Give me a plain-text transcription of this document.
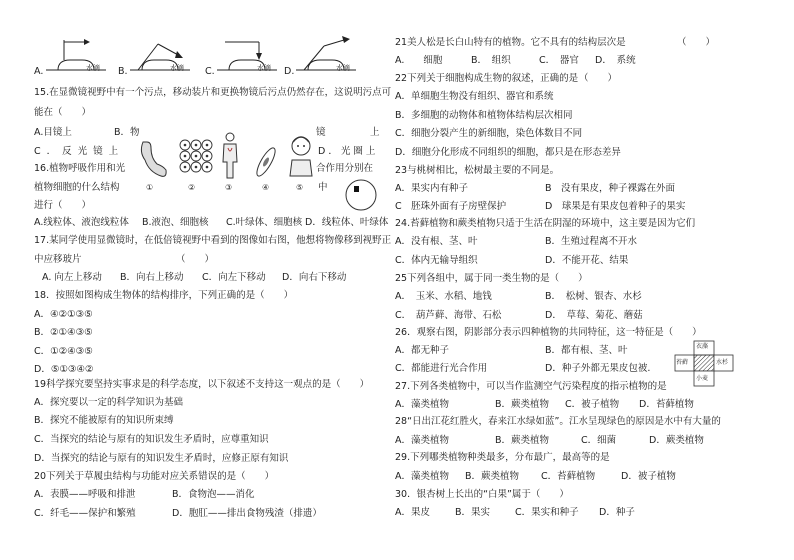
A.	水滴 B.	水滴 C.	水滴 D.	水滴
15.在显微镜视野中有一个污点，移动装片和更换物镜后污点仍然存在，这说明污点可
能在（　　）
A.目镜上	B．物	镜	上
C．反光镜上	D．光圈上
16.植物呼吸作用和光	合作用分别在
植物细胞的什么结构	中
进行（　　）
①	②	③	④	⑤
A.线粒体、液泡线粒体 B.液泡、细胞核 C.叶绿体、细胞核 D．线粒体、叶绿体
17.某同学使用显微镜时，在低倍镜视野中看到的图像如右图，他想将物像移到视野正
中应移玻片	（　　）
A. 向左上移动 B．向右上移动 C．向左下移动 D．向右下移动
18．按照如图构成生物体的结构排序，下列正确的是（　　）
A．④②①③⑤
B．②①④③⑤
C．①②④③⑤
D．⑤①③④②
19科学探究要坚持实事求是的科学态度，以下叙述不支持这一观点的是（　　）
A．探究要以一定的科学知识为基础
B．探究不能被原有的知识所束缚
C．当探究的结论与原有的知识发生矛盾时，应尊重知识
D．当探究的结论与原有的知识发生矛盾时，应修正原有知识
20下列关于草履虫结构与功能对应关系错误的是（　　）
A．表膜——呼吸和排泄	B．食物泡——消化
C．纤毛——保护和繁殖	D．胞肛——排出食物残渣（排遗）
21美人松是长白山特有的植物。它不具有的结构层次是	（　　）
A.　　细胞	B．　组织	C．　器官 D．　系统
22下列关于细胞构成生物的叙述，正确的是 （　　）
A．单细胞生物没有组织、器官和系统
B．多细胞的动物体和植物体结构层次相同
C．细胞分裂产生的新细胞，染色体数目不同
D．细胞分化形成不同组织的细胞，都只是在形态差异
23与桃树相比，松树最主要的不同是。
A．果实内有种子	B　没有果皮，种子裸露在外面
C　胚珠外面有子房壁保护	D　球果是有果皮包着种子的果实
24.苔藓植物和蕨类植物只适于生活在阴湿的环境中，这主要是因为它们
A．没有根、茎、叶	B．生殖过程离不开水
C．体内无输导组织	D．不能开花、结果
25下列各组中，属于同一类生物的是（　　）
A．　玉米、水稻、地钱	B．　松树、银杏、水杉
C．　葫芦藓、海带、石松	D．　草莓、菊花、蘑菇
26．观察右图，阴影部分表示四种植物的共同特征，这一特征是（　　）
A．都无种子	B．都有根、茎、叶
C．都能进行光合作用	D．种子外都无果皮包被.
衣藻
苔藓	水杉
小麦
27.下列各类植物中，可以当作监测空气污染程度的指示植物的是
A．藻类植物	B．蕨类植物 C．被子植物 D．苔藓植物
28“日出江花红胜火，春来江水绿如蓝”。江水呈现绿色的原因是水中有大量的
A．藻类植物	B．蕨类植物	C．细菌	D．蕨类植物
29.下列哪类植物种类最多，分布最广，最高等的是
A．藻类植物 B．蕨类植物 C．苔藓植物	D．被子植物
30．银杏树上长出的“白果”属于（　　）
A．果皮	B．果实	C．果实和种子 D．种子
